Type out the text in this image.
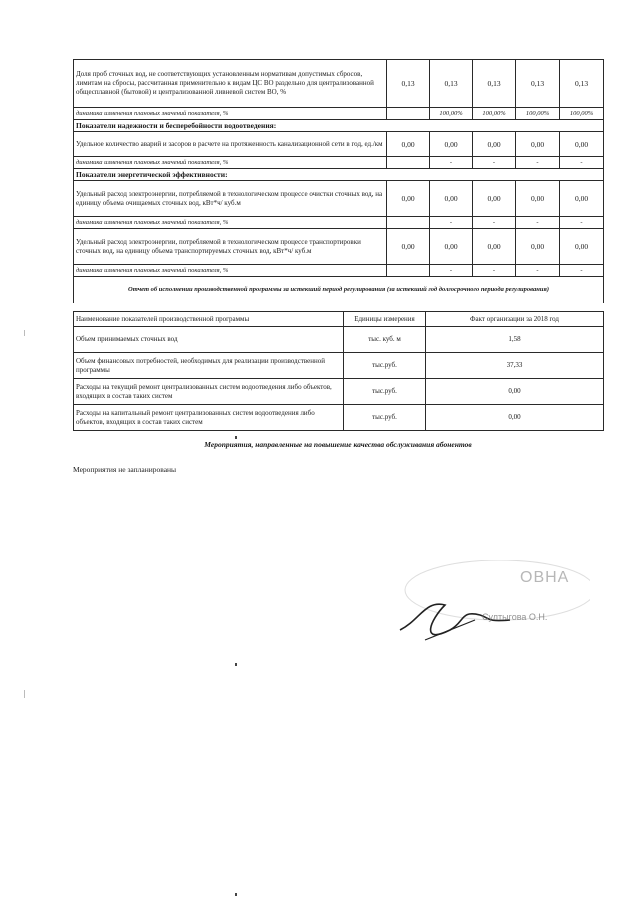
Доля проб сточных вод, не соответствующих установленным нормативам допустимых сбросов, лимитам на сбросы, рассчитанная применительно к видам ЦС ВО раздельно для централизованной общесплавной (бытовой) и централизованной ливневой систем ВО, %	0,13	0,13	0,13	0,13	0,13
динамика изменения плановых значений показателя, %		100,00%	100,00%	100,00%	100,00%
Показатели надежности и бесперебойности водоотведения:					
Удельное количество аварий и засоров в расчете на протяженность канализационной сети в год, ед./км	0,00	0,00	0,00	0,00	0,00
динамика изменения плановых значений показателя, %		-	-	-	-
Показатели энергетической эффективности:					
Удельный расход электроэнергии, потребляемой в технологическом процессе очистки сточных вод, на единицу объема очищаемых сточных вод, кВт*ч/ куб.м	0,00	0,00	0,00	0,00	0,00
динамика изменения плановых значений показателя, %		-	-	-	-
Удельный расход электроэнергии, потребляемой в технологическом процессе транспортировки сточных вод, на единицу объема транспортируемых сточных вод, кВт*ч/ куб.м	0,00	0,00	0,00	0,00	0,00
динамика изменения плановых значений показателя, %		-	-	-	-
Отчет об исполнении производственной программы за истекший период регулирования (за истекший год долгосрочного периода регулирования)					
Наименование показателей производственной программы	Единицы измерения	Факт организации за 2018 год
Объем принимаемых сточных вод	тыс. куб. м	1,58
Объем финансовых потребностей, необходимых для реализации производственной программы	тыс.руб.	37,33
Расходы на текущий ремонт централизованных систем водоотведения либо объектов, входящих в состав таких систем	тыс.руб.	0,00
Расходы на капитальный ремонт централизованных систем водоотведения либо объектов, входящих в состав таких систем	тыс.руб.	0,00
Мероприятия, направленные на повышение качества обслуживания абонентов
Мероприятия не запланированы
ОВНА
Султыгова О.Н.
